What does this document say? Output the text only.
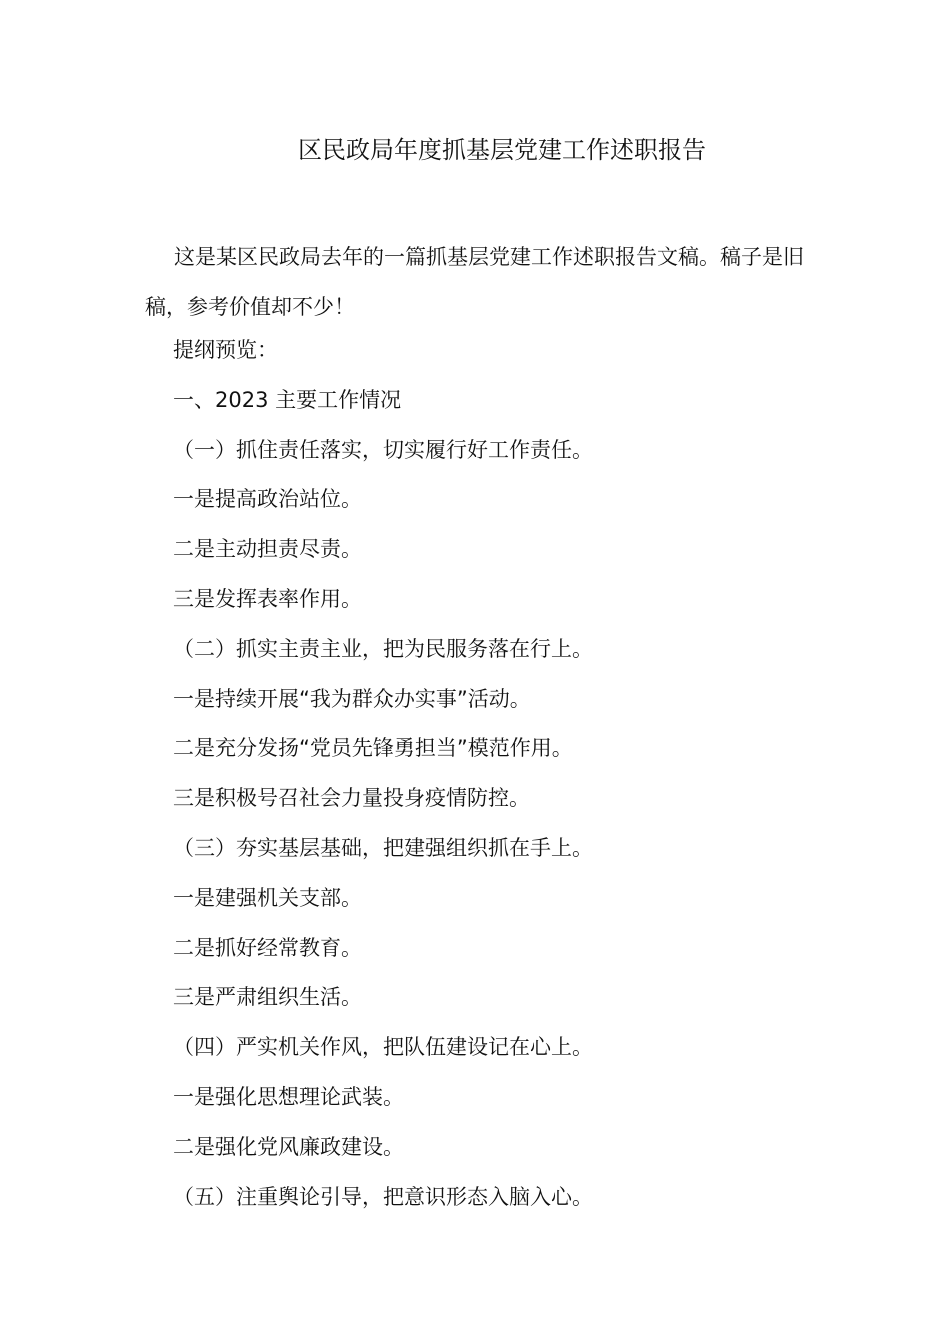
区民政局年度抓基层党建工作述职报告

这是某区民政局去年的一篇抓基层党建工作述职报告文稿。稿子是旧稿，参考价值却不少！

提纲预览：
一、2023 主要工作情况
（一）抓住责任落实，切实履行好工作责任。
一是提高政治站位。
二是主动担责尽责。
三是发挥表率作用。
（二）抓实主责主业，把为民服务落在行上。
一是持续开展“我为群众办实事”活动。
二是充分发扬“党员先锋勇担当”模范作用。
三是积极号召社会力量投身疫情防控。
（三）夯实基层基础，把建强组织抓在手上。
一是建强机关支部。
二是抓好经常教育。
三是严肃组织生活。
（四）严实机关作风，把队伍建设记在心上。
一是强化思想理论武装。
二是强化党风廉政建设。
（五）注重舆论引导，把意识形态入脑入心。
